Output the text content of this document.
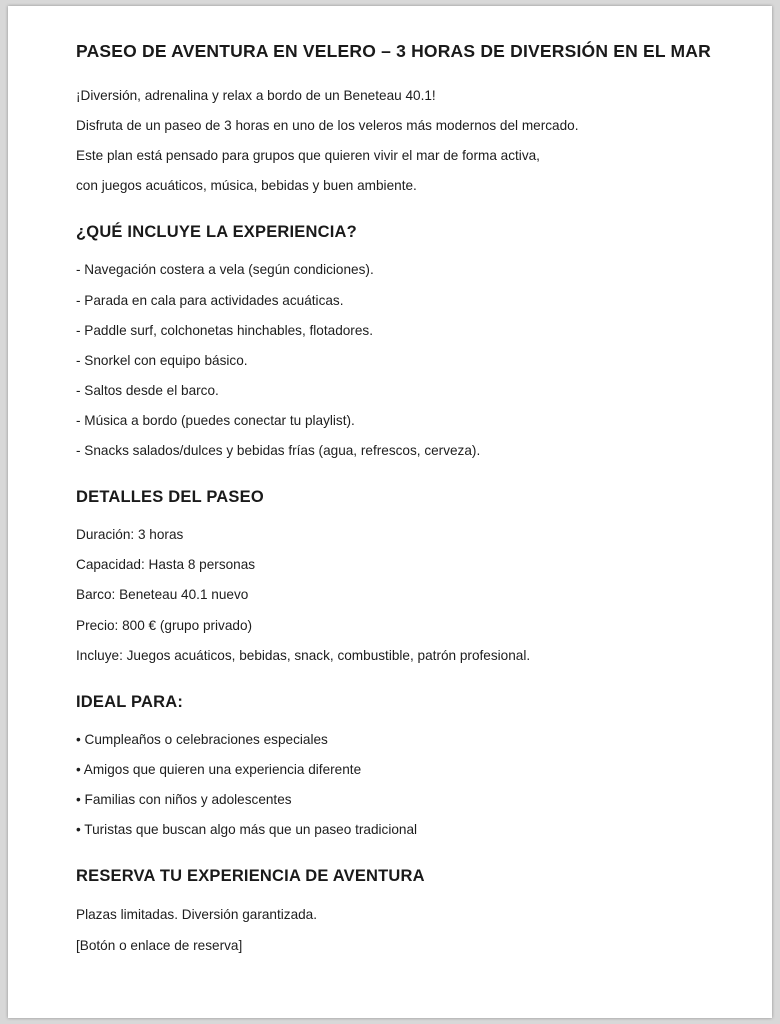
PASEO DE AVENTURA EN VELERO – 3 HORAS DE DIVERSIÓN EN EL MAR

¡Diversión, adrenalina y relax a bordo de un Beneteau 40.1!

Disfruta de un paseo de 3 horas en uno de los veleros más modernos del mercado.

Este plan está pensado para grupos que quieren vivir el mar de forma activa,

con juegos acuáticos, música, bebidas y buen ambiente.

¿QUÉ INCLUYE LA EXPERIENCIA?
- Navegación costera a vela (según condiciones).
- Parada en cala para actividades acuáticas.
- Paddle surf, colchonetas hinchables, flotadores.
- Snorkel con equipo básico.
- Saltos desde el barco.
- Música a bordo (puedes conectar tu playlist).
- Snacks salados/dulces y bebidas frías (agua, refrescos, cerveza).
DETALLES DEL PASEO

Duración: 3 horas

Capacidad: Hasta 8 personas

Barco: Beneteau 40.1 nuevo

Precio: 800 € (grupo privado)

Incluye: Juegos acuáticos, bebidas, snack, combustible, patrón profesional.

IDEAL PARA:
• Cumpleaños o celebraciones especiales
• Amigos que quieren una experiencia diferente
• Familias con niños y adolescentes
• Turistas que buscan algo más que un paseo tradicional
RESERVA TU EXPERIENCIA DE AVENTURA

Plazas limitadas. Diversión garantizada.

[Botón o enlace de reserva]
